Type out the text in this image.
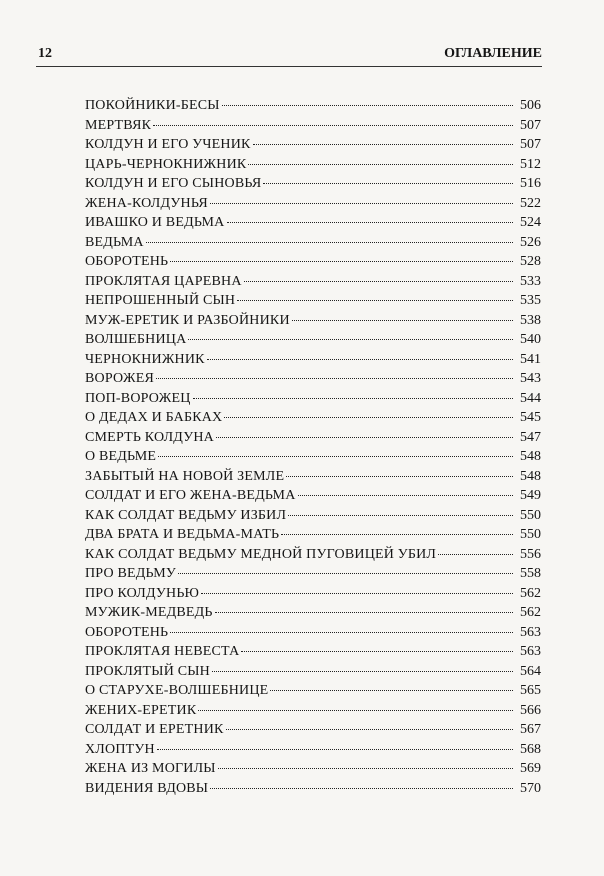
12	ОГЛАВЛЕНИЕ
ПОКОЙНИКИ-БЕСЫ	506
МЕРТВЯК	507
КОЛДУН И ЕГО УЧЕНИК	507
ЦАРЬ-ЧЕРНОКНИЖНИК	512
КОЛДУН И ЕГО СЫНОВЬЯ	516
ЖЕНА-КОЛДУНЬЯ	522
ИВАШКО И ВЕДЬМА	524
ВЕДЬМА	526
ОБОРОТЕНЬ	528
ПРОКЛЯТАЯ ЦАРЕВНА	533
НЕПРОШЕННЫЙ СЫН	535
МУЖ-ЕРЕТИК И РАЗБОЙНИКИ	538
ВОЛШЕБНИЦА	540
ЧЕРНОКНИЖНИК	541
ВОРОЖЕЯ	543
ПОП-ВОРОЖЕЦ	544
О ДЕДАХ И БАБКАХ	545
СМЕРТЬ КОЛДУНА	547
О ВЕДЬМЕ	548
ЗАБЫТЫЙ НА НОВОЙ ЗЕМЛЕ	548
СОЛДАТ И ЕГО ЖЕНА-ВЕДЬМА	549
КАК СОЛДАТ ВЕДЬМУ ИЗБИЛ	550
ДВА БРАТА И ВЕДЬМА-МАТЬ	550
КАК СОЛДАТ ВЕДЬМУ МЕДНОЙ ПУГОВИЦЕЙ УБИЛ	556
ПРО ВЕДЬМУ	558
ПРО КОЛДУНЬЮ	562
МУЖИК-МЕДВЕДЬ	562
ОБОРОТЕНЬ	563
ПРОКЛЯТАЯ НЕВЕСТА	563
ПРОКЛЯТЫЙ СЫН	564
О СТАРУХЕ-ВОЛШЕБНИЦЕ	565
ЖЕНИХ-ЕРЕТИК	566
СОЛДАТ И ЕРЕТНИК	567
ХЛОПТУН	568
ЖЕНА ИЗ МОГИЛЫ	569
ВИДЕНИЯ ВДОВЫ	570
